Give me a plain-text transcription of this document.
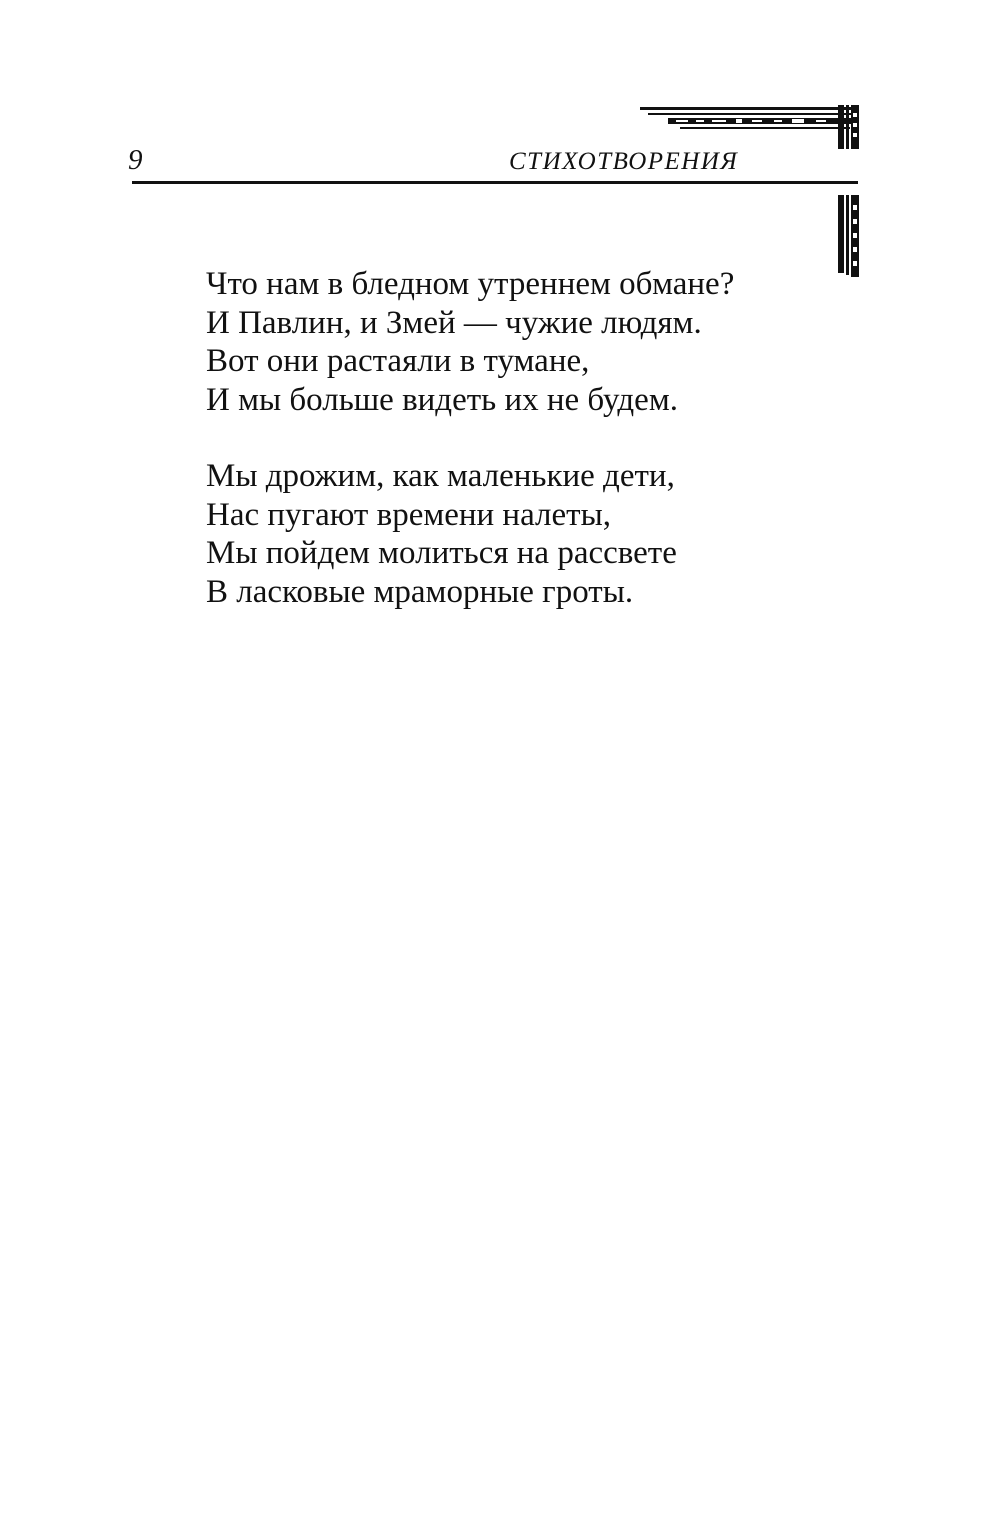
9	СТИХОТВОРЕНИЯ

Что нам в бледном утреннем обмане?
И Павлин, и Змей — чужие людям.
Вот они растаяли в тумане,
И мы больше видеть их не будем.

Мы дрожим, как маленькие дети,
Нас пугают времени налеты,
Мы пойдем молиться на рассвете
В ласковые мраморные гроты.
